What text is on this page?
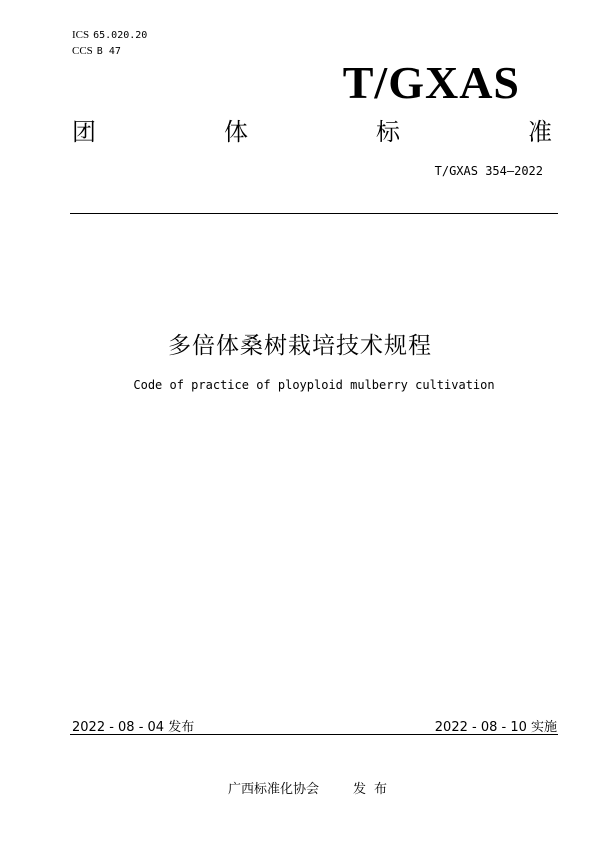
ICS 65.020.20
CCS B 47
T/GXAS
团	体	标	准
T/GXAS 354—2022
多倍体桑树栽培技术规程
Code of practice of ployploid mulberry cultivation
2022 - 08 - 04 发布	2022 - 08 - 10 实施
广西标准化协会	发布
